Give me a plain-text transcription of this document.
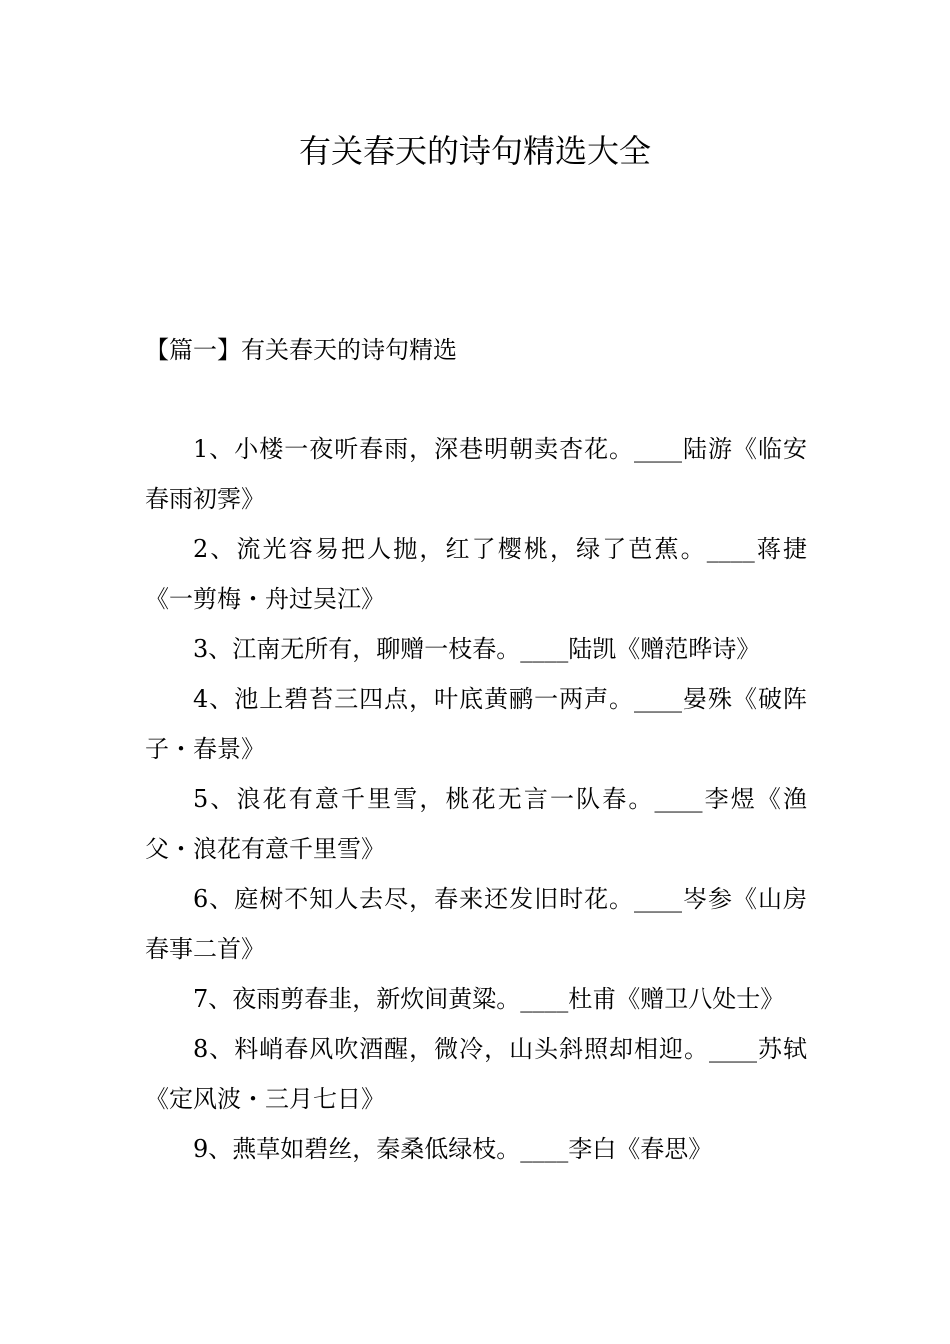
有关春天的诗句精选大全
【篇一】有关春天的诗句精选
1、小楼一夜听春雨，深巷明朝卖杏花。____陆游《临安春雨初霁》
2、流光容易把人抛，红了樱桃，绿了芭蕉。____蒋捷《一剪梅・舟过吴江》
3、江南无所有，聊赠一枝春。____陆凯《赠范晔诗》
4、池上碧苔三四点，叶底黄鹂一两声。____晏殊《破阵子・春景》
5、浪花有意千里雪，桃花无言一队春。____李煜《渔父・浪花有意千里雪》
6、庭树不知人去尽，春来还发旧时花。____岑参《山房春事二首》
7、夜雨剪春韭，新炊间黄粱。____杜甫《赠卫八处士》
8、料峭春风吹酒醒，微冷，山头斜照却相迎。____苏轼《定风波・三月七日》
9、燕草如碧丝，秦桑低绿枝。____李白《春思》
